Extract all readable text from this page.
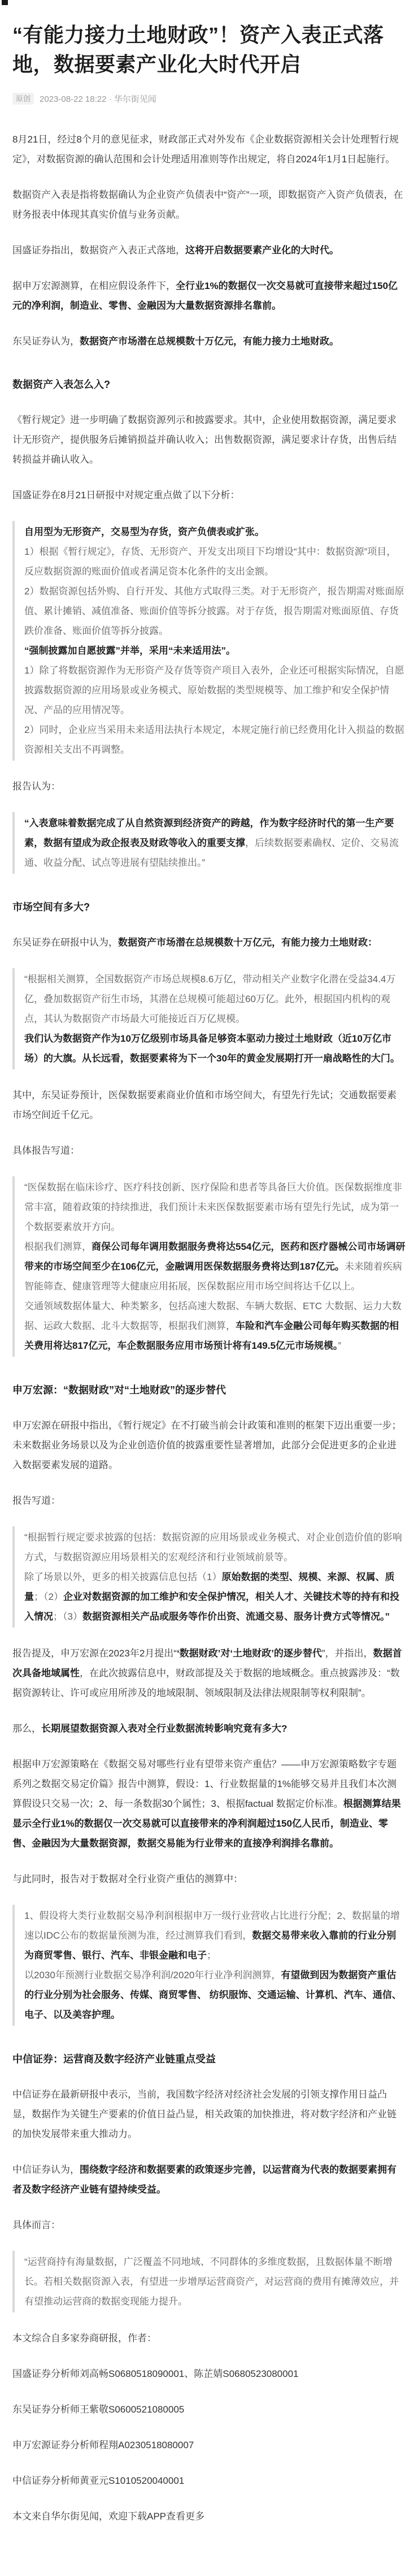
“有能力接力土地财政”！资产入表正式落地，数据要素产业化大时代开启
原创	2023-08-22 18:22 · 华尔街见闻

8月21日，经过8个月的意见征求，财政部正式对外发布《企业数据资源相关会计处理暂行规定》，对数据资源的确认范围和会计处理适用准则等作出规定，将自2024年1月1日起施行。

数据资产入表是指将数据确认为企业资产负债表中“资产”一项，即数据资产入资产负债表，在财务报表中体现其真实价值与业务贡献。

国盛证券指出，数据资产入表正式落地，这将开启数据要素产业化的大时代。

据申万宏源测算，在相应假设条件下，全行业1%的数据仅一次交易就可直接带来超过150亿元的净利润，制造业、零售、金融因为大量数据资源排名靠前。

东吴证券认为，数据资产市场潜在总规模数十万亿元，有能力接力土地财政。

数据资产入表怎么入?

《暂行规定》进一步明确了数据资源列示和披露要求。其中，企业使用数据资源，满足要求计无形资产，提供服务后摊销损益并确认收入；出售数据资源，满足要求计存货，出售后结转损益并确认收入。

国盛证券在8月21日研报中对规定重点做了以下分析：

自用型为无形资产，交易型为存货，资产负债表或扩张。

1）根据《暂行规定》，存货、无形资产、开发支出项目下均增设“其中：数据资源”项目，反应数据资源的账面价值或者满足资本化条件的支出金额。

2）数据资源包括外购、自行开发、其他方式取得三类。对于无形资产，报告期需对账面原值、累计摊销、减值准备、账面价值等拆分披露。对于存货，报告期需对账面原值、存货跌价准备、账面价值等拆分披露。

“强制披露加自愿披露”并举，采用“未来适用法”。

1）除了将数据资源作为无形资产及存货等资产项目入表外，企业还可根据实际情况，自愿披露数据资源的应用场景或业务模式、原始数据的类型规模等、加工维护和安全保护情况、产品的应用情况等。

2）同时，企业应当采用未来适用法执行本规定，本规定施行前已经费用化计入损益的数据资源相关支出不再调整。

报告认为：

“入表意味着数据完成了从自然资源到经济资产的跨越，作为数字经济时代的第一生产要素，数据有望成为政企报表及财政等收入的重要支撑，后续数据要素确权、定价、交易流通、收益分配、试点等进展有望陆续推出。”

市场空间有多大?

东吴证券在研报中认为，数据资产市场潜在总规模数十万亿元，有能力接力土地财政：

“根据相关测算，全国数据资产市场总规模8.6万亿，带动相关产业数字化潜在受益34.4万亿，叠加数据资产衍生市场，其潜在总规模可能超过60万亿。此外，根据国内机构的观点，其认为数据资产市场最大可能接近百万亿规模。

我们认为数据资产作为10万亿级别市场具备足够资本驱动力接过土地财政（近10万亿市场）的大旗。从长远看，数据要素将为下一个30年的黄金发展期打开一扇战略性的大门。

其中，东吴证券预计，医保数据要素商业价值和市场空间大，有望先行先试；交通数据要素市场空间近千亿元。

具体报告写道：

“医保数据在临床诊疗、医疗科技创新、医疗保险和患者等具备巨大价值。医保数据维度非常丰富，随着政策的持续推进，我们预计未来医保数据要素市场有望先行先试，成为第一个数据要素放开方向。

根据我们测算，商保公司每年调用数据服务费将达554亿元，医药和医疗器械公司市场调研带来的市场空间至少在106亿元，金融调用医保数据服务费将达到187亿元。未来随着疾病智能筛查、健康管理等大健康应用拓展，医保数据应用市场空间将达千亿以上。

交通领域数据体量大、种类繁多，包括高速大数据、车辆大数据、ETC 大数据、运力大数据、运政大数据、北斗大数据等，根据我们测算，车险和汽车金融公司每年购买数据的相关费用将达817亿元，车企数据服务应用市场预计将有149.5亿元市场规模。”

申万宏源：“数据财政”对“土地财政”的逐步替代

申万宏源在研报中指出，《暂行规定》在不打破当前会计政策和准则的框架下迈出重要一步；未来数据业务场景以及为企业创造价值的披露重要性显著增加，此部分会促进更多的企业进入数据要素发展的道路。

报告写道：

“根据暂行规定要求披露的包括：数据资源的应用场景或业务模式、对企业创造价值的影响方式，与数据资源应用场景相关的宏观经济和行业领域前景等。

除了场景以外，更多的相关披露信息包括（1）原始数据的类型、规模、来源、权属、质量；（2）企业对数据资源的加工维护和安全保护情况，相关人才、关键技术等的持有和投入情况；（3）数据资源相关产品或服务等作价出资、流通交易、服务计费方式等情况。”

报告提及，申万宏源在2023年2月提出“‘数据财政’对‘土地财政’的逐步替代”，并指出，数据首次具备地域属性，在此次披露信息中，财政部提及关于数据的地域概念。重点披露涉及：“数据资源转让、许可或应用所涉及的地域限制、领域限制及法律法规限制等权利限制”。

那么，长期展望数据资源入表对全行业数据流转影响究竟有多大?

根据申万宏源策略在《数据交易对哪些行业有望带来资产重估？——申万宏源策略数字专题系列之数据交易定价篇》报告中测算，假设：1、行业数据量的1%能够交易并且我们本次测算假设只交易一次；2、每一条数据30个属性；3、根据factual 数据定价标准。根据测算结果显示全行业1%的数据仅一次交易就可以直接带来的净利润超过150亿人民币，制造业、零售、金融因为大量数据资源，数据交易能为行业带来的直接净利润排名靠前。

与此同时，报告对于数据对全行业资产重估的测算中：

1、假设将大类行业数据交易净利润根据申万一级行业营收占比进行分配；2、数据量的增速以IDC公布的数据量预测为准，经过测算我们看到，数据交易带来收入靠前的行业分别为商贸零售、银行、汽车、非银金融和电子；

以2030年预测行业数据交易净利润/2020年行业净利润测算，有望做到因为数据资产重估的行业分别为社会服务、传媒、商贸零售、 纺织服饰、交通运输、计算机、汽车、通信、电子、以及美容护理。

中信证券：运营商及数字经济产业链重点受益

中信证券在最新研报中表示，当前，我国数字经济对经济社会发展的引领支撑作用日益凸显，数据作为关键生产要素的价值日益凸显，相关政策的加快推进，将对数字经济和产业链的加快发展带来重大推动力。

中信证券认为，围绕数字经济和数据要素的政策逐步完善，以运营商为代表的数据要素拥有者及数字经济产业链有望持续受益。

具体而言：

“运营商持有海量数据，广泛覆盖不同地域、不同群体的多维度数据，且数据体量不断增长。若相关数据资源入表，有望进一步增厚运营商资产，对运营商的费用有摊薄效应，并有望推动运营商的数据变现能力提升。

本文综合自多家券商研报，作者：

国盛证券分析师刘高畅S0680518090001、陈芷婧S0680523080001

东吴证券分析师王紫敬S0600521080005

申万宏源证券分析师程翔A0230518080007

中信证券分析师黄亚元S1010520040001

本文来自华尔街见闻，欢迎下载APP查看更多
